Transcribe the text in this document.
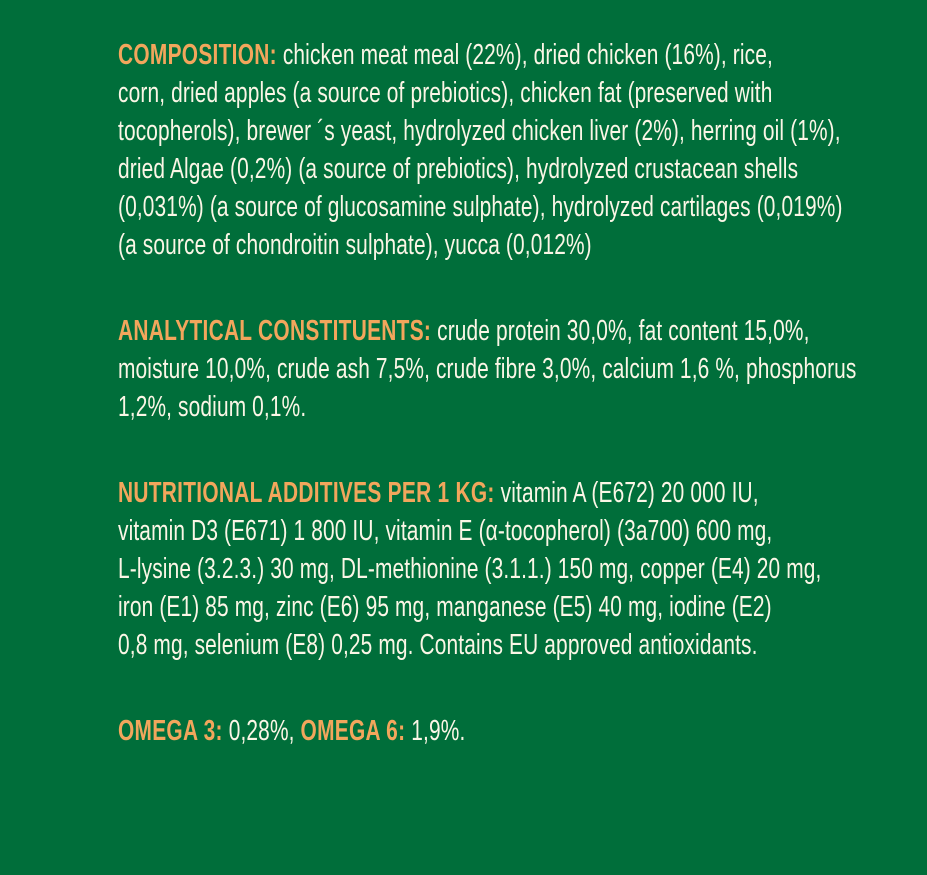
COMPOSITION: chicken meat meal (22%), dried chicken (16%), rice,
corn, dried apples (a source of prebiotics), chicken fat (preserved with
tocopherols), brewer ´s yeast, hydrolyzed chicken liver (2%), herring oil (1%),
dried Algae (0,2%) (a source of prebiotics), hydrolyzed crustacean shells
(0,031%) (a source of glucosamine sulphate), hydrolyzed cartilages (0,019%)
(a source of chondroitin sulphate), yucca (0,012%)
ANALYTICAL CONSTITUENTS: crude protein 30,0%, fat content 15,0%,
moisture 10,0%, crude ash 7,5%, crude fibre 3,0%, calcium 1,6 %, phosphorus
1,2%, sodium 0,1%.
NUTRITIONAL ADDITIVES PER 1 KG: vitamin A (E672) 20 000 IU,
vitamin D3 (E671) 1 800 IU, vitamin E (α-tocopherol) (3a700) 600 mg,
L-lysine (3.2.3.) 30 mg, DL-methionine (3.1.1.) 150 mg, copper (E4) 20 mg,
iron (E1) 85 mg, zinc (E6) 95 mg, manganese (E5) 40 mg, iodine (E2)
0,8 mg, selenium (E8) 0,25 mg. Contains EU approved antioxidants.
OMEGA 3: 0,28%, OMEGA 6: 1,9%.
